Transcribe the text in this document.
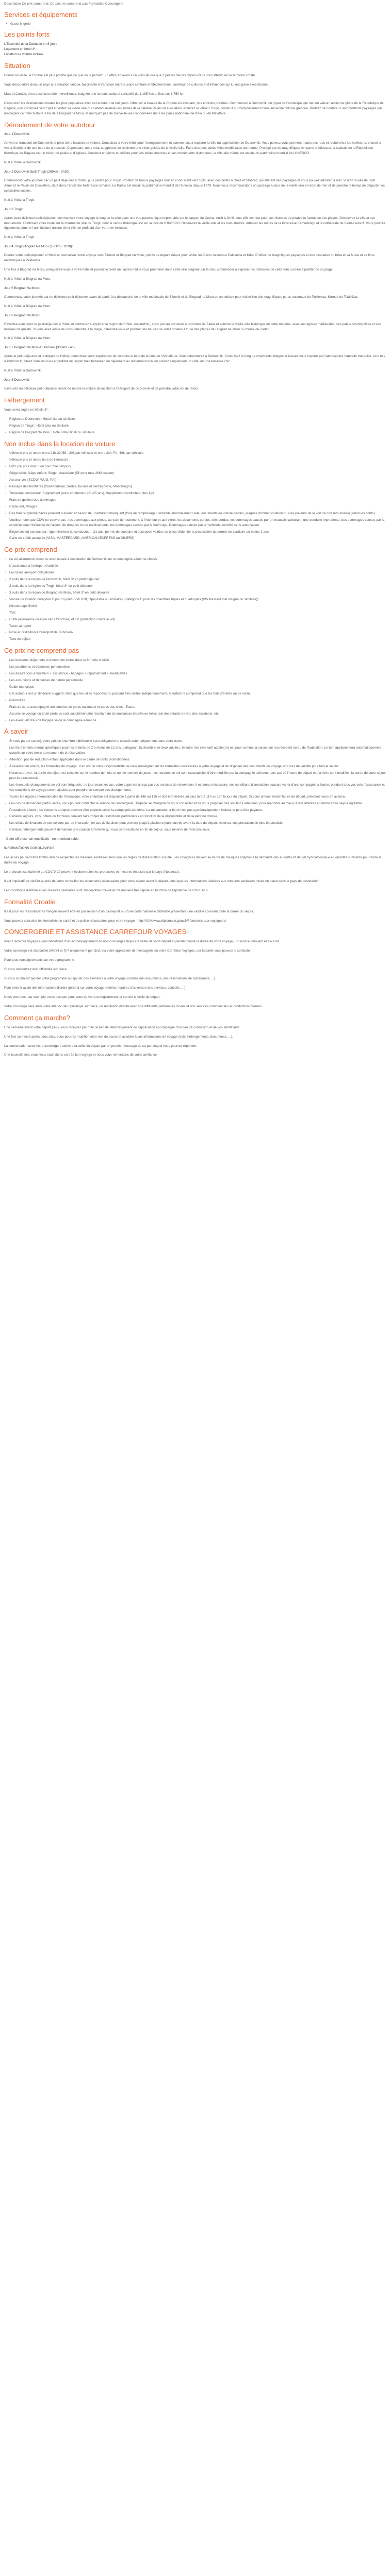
Description Ce prix comprend: Ce prix ne comprend pas Formalités Concergerie

Services et équipements
• Guest lingerie
Les points forts

L'Essentiel de la Dalmatie en 8 jours
Logement en hôtel 3*
Location de voiture incluse

Situation

Bonne nouvelle, la Croatie est plus proche que ce que vous pensez. Zn effet, en avion il ne vous faudra que 2 petites heures depuis Paris pour atterrir sur le territoire croate.

Vous découvrirez donc un pays à la situation unique, fascinante à transition entre Europe centrale et Méditerranée, carrefour de cultures et d'influences qui lui ont gravé exceptionnel.

Mais la Croatie, c'est aussi une côte merveilleuse, baignée une la sentit culturel constellé de 1 185 îles et îlots sur 1 750 km.

Découvrez les destinations croates les plus populaires avec cet autotour de huit jours. Obtenez la beauté de la Croatie en évoluant, nos endroits préférés. Commencez à Dubrovnik, un joyau de l'Adriatique qui met en valeur l'ancienne gloire de la République de Raguse, puis continuez vers Split et visitez sa vieille ville qui s'étend au-delà des limites de la célèbre Palais de Dioclétien. Admirez la vibrant Trogir, construit sur l'emplacement d'une ancienne colonie grecque. Profitez de nombreux réconfortants paysages qui inscrugent ce riche histoire. Une île à Biograd na Moru, et marquez pas de merveilleuses randonnées dans les parcs nationaux de Krka ou de Plitvitzice.

Déroulement de votre autotour

Jour 1 Dubrovnik:

Arrivée et transport de Dubrovnik et prise de la location de voiture. Conduisez à votre hôtel pour l'enregistrement et commencez à explorer la ville ou appréciation de Dubrovnik. Vous pouvez vous promener dans ses rues et recherchez les meilleures choses à voir à l'intérieur de ses murs de protection. Cependant, nous vous suggérons de rejoindre une visite guidée de la vieille ville. Faire des plus belles villes médiévales du monde. Protégé par de magnifiques remparts médiévaux, la capitale de la République historique de Raguse est un trésor de palais et d'églises. Construit en pierre et célèbre pour ses belles marches et ses monuments historiques, la ville elle même est un site du patrimoine mondial de l'UNESCO.

Nuit à l'hôtel à Dubrovnik.

Jour 2 Dubrovnik-Split-Trogir (260km - 3h30):

Commencez votre journée par un petit déjeuner à l'hôtel, puis partez pour Trogir. Profitez de beaux paysages tout en conduisant vers Split, avec des arrêts à Omiš et Stobreč, qui allèrent des paysages et vous pouvez admirer la mer. Visitez la ville de Split. Admirez le Palais de Dioclétien, situé dans l'ancienne forteresse romaine. Le Palais est inscrit au patrimoine mondial de l'Unesco depuis 1979. Nous vous recommandons un passage autour de la vieille ville en bord de mer et de prendre le temps de déguster les spécialités locales.

Nuit à l'hôtel à Trogir.

Jour 3 Trogir:

Après votre délicieux petit-déjeuner, commencez votre voyage le long de la côte avec une vue panoramique imprenable sur le canyon de Cetina. Arrêt à Omiš, une ville connue pour ses histoires de pirates et l'attrait de ses plages. Découvrez la ville et ses monuments. Continuez votre route sur la charmante ville de Trogir, dont le centre historique est sur la liste de l'UNESCO. Découvrez la vieille ville et les rues étroites. Admirez les ruines de la forteresse Kamerlengo et la cathédrale de Saint-Laurent. Vous pourrez également admirer l'architecture unique de la ville en profitant d'un verre en terrasse.

Nuit à l'hôtel à Trogir.

Jour 4 Trogir-Biograd Na Moru (130km - 1h30):

Prenez votre petit-déjeuner à l'hôtel et poursuivez votre voyage vers Šibenik et Biograd na Moru, points de départ idéaux pour visiter les Parcs nationaux Paklenica et Krka. Profitez de magnifiques paysages et des cascades du Krka et sa faune et sa flore endémiques à Paklenica.

Une fois à Biograd na Moru, enregistrez-vous à votre hôtel et passez le reste de l'après-midi à vous promener dans cette ville baignée par la mer, commencer à explorer les richesses de cette ville ou bien à profiter de sa plage.

Nuit à l'hôtel à Biograd na Moru.

Jour 5 Biograd Na Moru:

Commencez votre journée par un délicieux petit-déjeuner avant de partir à la découverte de la ville médiévale de Šibenik et de Biograd na Moru ou conduisez pour visiter l'un des magnifiques parcs nationaux de Paklenica, Kornati ou Telašćica.

Nuit à l'hôtel à Biograd na Moru.

Jour 6 Biograd Na Moru:

Réveillez-vous avec le petit-déjeuner à l'hôtel et continuez à explorer la région de l'hôtel. Aujourd'hui, vous pouvez conduire à proximité de Zadar et admirer la vieille ville historique de cette romaine, avec ses églises médiévales, ses palais cosmopolites et ses musées de qualité. Si vous avez envie de vous détendre à la plage, détendez-vous et profitez des heures de soleil croates à l'une des plages de Biograd na Moru ou même de Zadar.

Nuit à l'hôtel à Biograd na Moru.

Jour 7 Biograd Na Moru-Dubrovnik (330km - 4h):

Après le petit-déjeuner et le départ de l'hôtel, poursuivez votre expérience de conduite le long de la côte de l'Adriatique. Vous retournerez à Dubrovnik. Conduisez le long de charmants villages et laissez-vous inspirer par l'atmosphère naturelle tranquille. Une fois à Dubrovnik, flânez dans les rues et profitez de l'esprit méditerranéen en déjeunant au restaurant local ou prenez simplement un café sur une terrasse chic.

Nuit à l'hôtel à Dubrovnik.

Jour 8 Dubrovnik:

Savourez un délicieux petit-déjeuner avant de rendre la voiture de location à l'aéroport de Dubrovnik et de prendre votre vol de retour.

Hébergement

Vous serez logés en hôtels 3*:

- Région de Dubrovnik : Hôtel Ivka ou similaire
- Région de Trogir : Hôtel Ivka ou similaire
- Région de Biograd Na Moru : Hôtel Villa Dinali ou similaire
Non inclus dans la location de voiture
- Véhicule pris et rendu entre 21h-22h59 : 30€ par véhicule et entre 23h-7h : 40€ par véhicule
- Véhicule pris et rendu hors de l'aéroport
- GPS (3€ pour max 3 ou pour max 3€/jour)
- Siège bébé, Siège enfant, Siège rehausseur (5€ pour max 30€/location)
- Assurances (SCDW, WUG, PAI)
- Passage des frontières (transfrontalier, Serbie, Bosnie et Herzégovine, Monténégro)
- Troisième conducteur, Supplément jeune conducteur (21-25 ans), Supplément conducteur plus âgé
- Frais de gestion des dommages
- Carburant, Péages
- Des frais supplémentaires peuvent survenir en raison de : carburant manquant (frais de remplissage), véhicule anormalement sale, documents de voiture perdus, plaques d'immatriculation ou clés (valeurs de la voiture non rétournées) (selon les coûts)
- Veuillez noter que CDW ne couvre pas : les dommages aux pneus, au train de roulement, à l'intérieur et aux vitres, les documents perdus, clés perdus, les dommages causés par un mauvais carburant, une conduite imprudente, des dommages causés par la conduite sous l'influence de l'alcool, de drogues ou de médicaments, les dommages causés par le feu/rouge, Dommages causés par un véhicule contrôlé sans autorisation
- Exigences du conducteur : âge minimum du conducteur : 21 ans, permis de conduire et passeport valides ou pièce d'identité et possession du permis de conduire au moins 2 ans
- Carte de crédit acceptée (VISA, MASTERCARD, AMERICAN EXPRESS ou DINERS)
Ce prix comprend
- Le vol aller/retour direct ou avec escale à destination de Dubrovnik sur la compagnie aérienne choisie
- L'assistance à l'aéroport d'arrivée
- Les taxes aéroport obligatoires
- 2 nuits dans la région de Dubrovnik, hôtel 3* en petit déjeuner
- 2 nuits dans la région de Trogir, hôtel 3* en petit déjeuner
- 3 nuits dans la région de Biograd Na Moru, hôtel 3* en petit déjeuner
- Voiture de location catégorie C pour 8 jours (VW Golf, Opel Astra ou similaire), (catégorie E pour les chambres triples et quadruples (VW Passat/Opel Insigna ou similaire))
- Kilométrage illimité
- TVA
- CDW (assurance collision sans franchise) et TP (protection contre le vol)
- Taxes aéroport
- Prise et restitution à l'aéroport de Dubrovnik
- Taxe de séjour
Ce prix ne comprend pas
- Les boissons, déjeuners et dîners non inclus dans le formule choisie
- Les pourboires et dépenses personnelles
- Les Assurances annulation + assistance - bagages + rapatriement + éventualités
- Les excursions et dépenses de nature personnelle
- Guide touristique
- Cet autotour est un itinéraire suggéré. Bien que les villes reportées ou passant être visitée indépendamment, le forfait ne comprend que les frais d'entrée ou de visite.
- Pourboires
- Frais de carte accompagné des entrées de parcs nationaux et parcs des sites - Ecarts
- Assurance voyage ou toute perte ou coût supplémentaire résultant de circonstances imprévues telles que des retards de vol, des accidents, etc.
- Les éventuels frais de bagage selon la compagnie aérienne
À savoir
- Si vous partez seul(e), votre prix en chambre individuelle sera obligatoire et calculé automatiquement dans votre devis.
- Les lits d'enfants seront spécifiques pour les enfants de 2 à moins de 12 ans, partageant la chambre de deux adultes. Si votre mot (voir tarif adultes) la est pour comme la saison sur la précédent ou du de l'habitation. Le tarif appliqué sera automatiquement calculé sur votre devis au moment de la réservation.
- Attention, pas de réduction enfant applicable dans le cadre de tarifs promotionnels.
- À réserver en amont, les formalités de voyage : il en est de votre responsabilité de vous renseigner sur les formalités nécessaires à votre voyage et de disposer des documents de voyage en cours de validité pour tout le séjour.
- Horaires du vol : la durée du séjour est calculée sur le nombre de nuits et non le nombre de jours ; les horaires de vol sont susceptibles d'être modifiés par la compagnie aérienne. Les cas où l'heure de départ et d'arrivée sont modifiés, la durée de votre séjour peut être raccourcie.
- Les éventuels changements de vol sont fréquents : le jour avant les cas, votre appel est à reçu par vos services de réservation, il est donc nécessaire, vos conditions d'annulation pouvant varier d'une compagnie à l'autre, pendant tous vos vols, l'assurance et vos conditions de voyage seront ajustés pour prendre en compte ces changements.
- Toutes les régions internationales de l'Adriatique, votre chambre est disponible à partir de 14h ou 15h et doit être libérée au plus tard à 11h ou 12h le jour du départ. Si vous arrivez avant l'heure de départ, prévenez-vous en avance.
- Les cas de demandes particulières, vous pouvez contacter le service de conciergerie : l'équipe se chargera de vous conseiller et de vous proposer des solutions adaptées, pour répondre au mieux à vos attentes et rendre votre séjour agréable.
- Prestations à bord : les boissons et repas peuvent être payants selon la compagnie aérienne. La restauration à bord n'est pas systématiquement incluse et peut être payante.
- Certains séjours, vols, hôtels ou formules peuvent faire l'objet de restrictions particulières en fonction de la disponibilité et de la période choisie.
- Les délais de livraison de ces séjours par ou interaction en cas de livraison peut prendre jusqu'à plusieurs jours ouvrés avant la date du départ, réservez vos prestations le plus tôt possible.
- Certains hébergements peuvent demander une caution à l'arrivée qui vous sera restituée en fin de séjour, sous réserve de l'état des lieux.

- Cette offre est non modifiable - non remboursable

INFORMATIONS CORONAVIRUS

Les accès peuvent être limités afin de respecter les mesures sanitaires ainsi que les règles de distanciation sociale. Les voyageurs doivent se munir de masques adaptés à la demande des autorités et de gel hydroalcoolique en quantité suffisante pour toute la durée du voyage.

Le protocole sanitaire lié au COVID-19 peuvent évoluer selon les protocoles et mesures imposés par le pays (Nouveau).

Il est impératif de vérifier auprès de votre conseiller les documents nécessaires pour votre séjour avant le départ, ainsi que les informations relatives aux mesures sanitaires mises en place dans le pays de destination.

Les conditions d'entrée et les mesures sanitaires sont susceptibles d'évoluer de manière très rapide en fonction de l'épidémie de COVID-19.

Formalité Croatie

Il est pour les ressortissants français doivent être en possession d'un passeport ou d'une carte nationale d'identité présentant une validité couvrant toute la durée du séjour.

Vous pouvez consulter les formalités de santé et de police nécessaires pour votre voyage : http://XXX/www.diplomatie.gouv.fr/fr/conseils-aux-voyageurs/

CONCERGERIE ET ASSISTANCE CARREFOUR VOYAGES

Avec Carrefour Voyages vous bénéficiez d'un accompagnement de nos concierges depuis la veille de votre départ et pendant toute la durée de votre voyage, un service innovant et exclusif.

Votre concierge est disponible 24h/24 et 7j/7 uniquement par chat, via votre application de messagerie où votre Carrefour Voyages, sur laquelle vous pouvez le contacter :

Pour tous renseignements sur votre programme

Si vous rencontrez des difficultés sur place

Si vous souhaitez ajouter votre programme ou ajouter des éléments à votre voyage (comme des excursions, des réservations de restaurants, ...)

Pour obtenir avant des informations d'ordre général sur votre voyage (météo, horaires d'ouverture des services, conseils, ...)

Nous pourrons, par exemple, nous occuper pour vous de votre enregistrement et cet été la veille du départ.

Votre concierge sera ainsi votre interlocuteur privilégié sur place, de résolution directe avec nos différents partenaires locaux et nos services commerciaux et production internes.

Comment ça marche?

Une semaine avant votre départ (J-7), vous recevrez par mail, le lien de téléchargement de l'application accompagné d'un lien de connexion et de vos identifiants.

Une fois connecté après deux clics, vous pourrez modifier votre mot de passe et accéder à vos informations de voyage (vols, hébergements, documents, ...).

La conversation avec votre concierge s'activera la veille du départ par un premier message de sa part lequel vous pourrez répondre.

Une nouvelle fois, nous vous souhaitons un très bon voyage et nous vous remercions de votre confiance
